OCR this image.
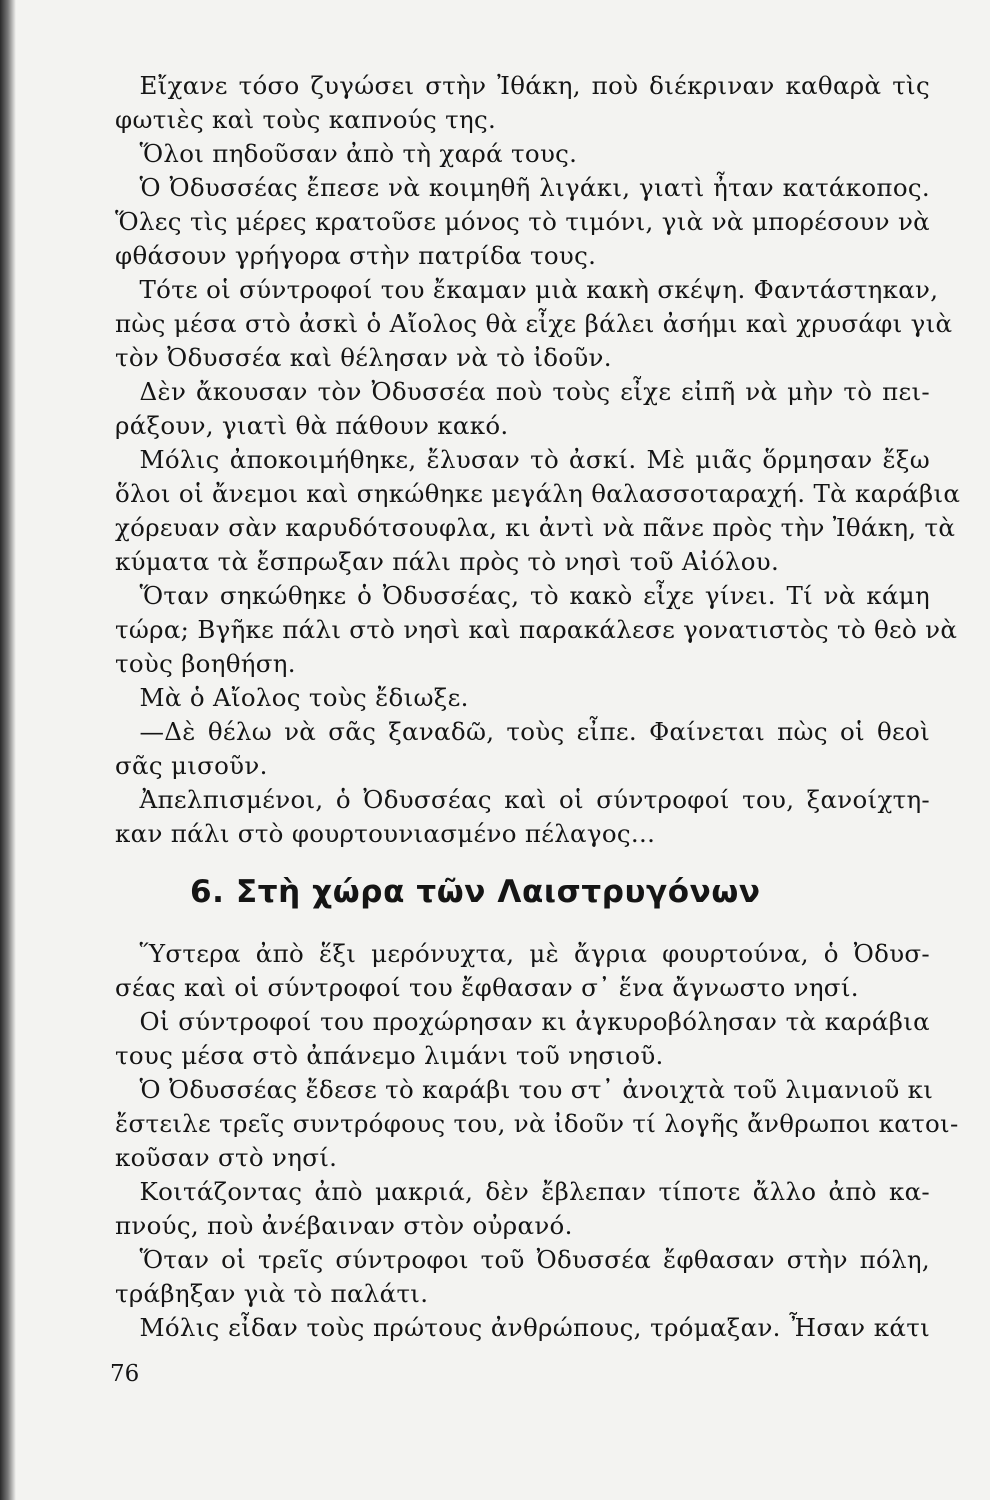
Εἴχανε τόσο ζυγώσει στὴν Ἰθάκη, ποὺ διέκριναν καθαρὰ τὶς
φωτιὲς καὶ τοὺς καπνούς της.
Ὅλοι πηδοῦσαν ἀπὸ τὴ χαρά τους.
Ὁ Ὀδυσσέας ἔπεσε νὰ κοιμηθῆ λιγάκι, γιατὶ ἦταν κατάκοπος.
Ὅλες τὶς μέρες κρατοῦσε μόνος τὸ τιμόνι, γιὰ νὰ μπορέσουν νὰ
φθάσουν γρήγορα στὴν πατρίδα τους.
Τότε οἱ σύντροφοί του ἔκαμαν μιὰ κακὴ σκέψη. Φαντάστηκαν,
πὼς μέσα στὸ ἀσκὶ ὁ Αἴολος θὰ εἶχε βάλει ἀσήμι καὶ χρυσάφι γιὰ
τὸν Ὀδυσσέα καὶ θέλησαν νὰ τὸ ἰδοῦν.
Δὲν ἄκουσαν τὸν Ὀδυσσέα ποὺ τοὺς εἶχε εἰπῆ νὰ μὴν τὸ πει-
ράξουν, γιατὶ θὰ πάθουν κακό.
Μόλις ἀποκοιμήθηκε, ἔλυσαν τὸ ἀσκί. Μὲ μιᾶς ὅρμησαν ἔξω
ὅλοι οἱ ἄνεμοι καὶ σηκώθηκε μεγάλη θαλασσοταραχή. Τὰ καράβια
χόρευαν σὰν καρυδότσουφλα, κι ἀντὶ νὰ πᾶνε πρὸς τὴν Ἰθάκη, τὰ
κύματα τὰ ἔσπρωξαν πάλι πρὸς τὸ νησὶ τοῦ Αἰόλου.
Ὅταν σηκώθηκε ὁ Ὀδυσσέας, τὸ κακὸ εἶχε γίνει. Τί νὰ κάμη
τώρα; Βγῆκε πάλι στὸ νησὶ καὶ παρακάλεσε γονατιστὸς τὸ θεὸ νὰ
τοὺς βοηθήση.
Μὰ ὁ Αἴολος τοὺς ἔδιωξε.
—Δὲ θέλω νὰ σᾶς ξαναδῶ, τοὺς εἶπε. Φαίνεται πὼς οἱ θεοὶ
σᾶς μισοῦν.
Ἀπελπισμένοι, ὁ Ὀδυσσέας καὶ οἱ σύντροφοί του, ξανοίχτη-
καν πάλι στὸ φουρτουνιασμένο πέλαγος...
6. Στὴ χώρα τῶν Λαιστρυγόνων
Ὕστερα ἀπὸ ἕξι μερόνυχτα, μὲ ἄγρια φουρτούνα, ὁ Ὀδυσ-
σέας καὶ οἱ σύντροφοί του ἔφθασαν σ᾽ ἕνα ἄγνωστο νησί.
Οἱ σύντροφοί του προχώρησαν κι ἀγκυροβόλησαν τὰ καράβια
τους μέσα στὸ ἀπάνεμο λιμάνι τοῦ νησιοῦ.
Ὁ Ὀδυσσέας ἔδεσε τὸ καράβι του στ᾽ ἀνοιχτὰ τοῦ λιμανιοῦ κι
ἔστειλε τρεῖς συντρόφους του, νὰ ἰδοῦν τί λογῆς ἄνθρωποι κατοι-
κοῦσαν στὸ νησί.
Κοιτάζοντας ἀπὸ μακριά, δὲν ἔβλεπαν τίποτε ἄλλο ἀπὸ κα-
πνούς, ποὺ ἀνέβαιναν στὸν οὐρανό.
Ὅταν οἱ τρεῖς σύντροφοι τοῦ Ὀδυσσέα ἔφθασαν στὴν πόλη,
τράβηξαν γιὰ τὸ παλάτι.
Μόλις εἶδαν τοὺς πρώτους ἀνθρώπους, τρόμαξαν. Ἦσαν κάτι
76
